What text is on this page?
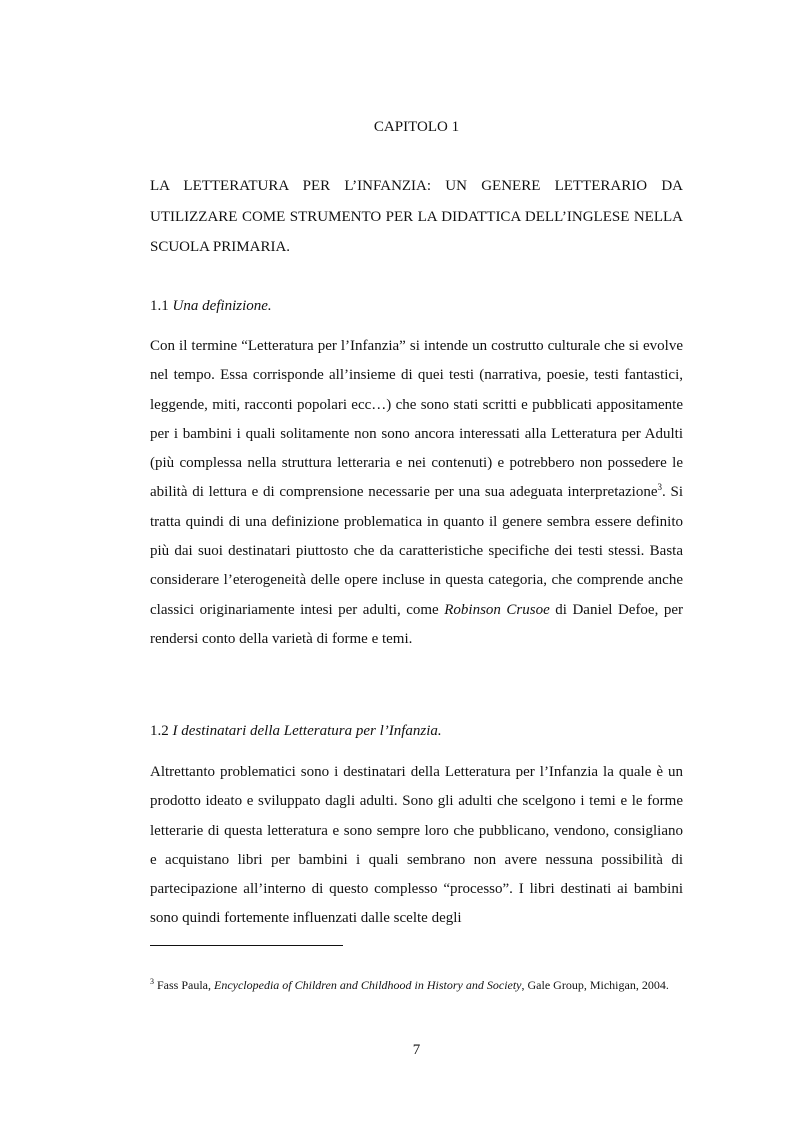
CAPITOLO 1
LA LETTERATURA PER L’INFANZIA: UN GENERE LETTERARIO DA UTILIZZARE COME STRUMENTO PER LA DIDATTICA DELL’INGLESE NELLA SCUOLA PRIMARIA.
1.1 Una definizione.
Con il termine “Letteratura per l’Infanzia” si intende un costrutto culturale che si evolve nel tempo. Essa corrisponde all’insieme di quei testi (narrativa, poesie, testi fantastici, leggende, miti, racconti popolari ecc…) che sono stati scritti e pubblicati appositamente per i bambini i quali solitamente non sono ancora interessati alla Letteratura per Adulti (più complessa nella struttura letteraria e nei contenuti) e potrebbero non possedere le abilità di lettura e di comprensione necessarie per una sua adeguata interpretazione$^3$. Si tratta quindi di una definizione problematica in quanto il genere sembra essere definito più dai suoi destinatari piuttosto che da caratteristiche specifiche dei testi stessi. Basta considerare l’eterogeneità delle opere incluse in questa categoria, che comprende anche classici originariamente intesi per adulti, come Robinson Crusoe di Daniel Defoe, per rendersi conto della varietà di forme e temi.
1.2 I destinatari della Letteratura per l’Infanzia.
Altrettanto problematici sono i destinatari della Letteratura per l’Infanzia la quale è un prodotto ideato e sviluppato dagli adulti. Sono gli adulti che scelgono i temi e le forme letterarie di questa letteratura e sono sempre loro che pubblicano, vendono, consigliano e acquistano libri per bambini i quali sembrano non avere nessuna possibilità di partecipazione all’interno di questo complesso “processo”. I libri destinati ai bambini sono quindi fortemente influenzati dalle scelte degli
$^3$ Fass Paula, Encyclopedia of Children and Childhood in History and Society, Gale Group, Michigan, 2004.
7
